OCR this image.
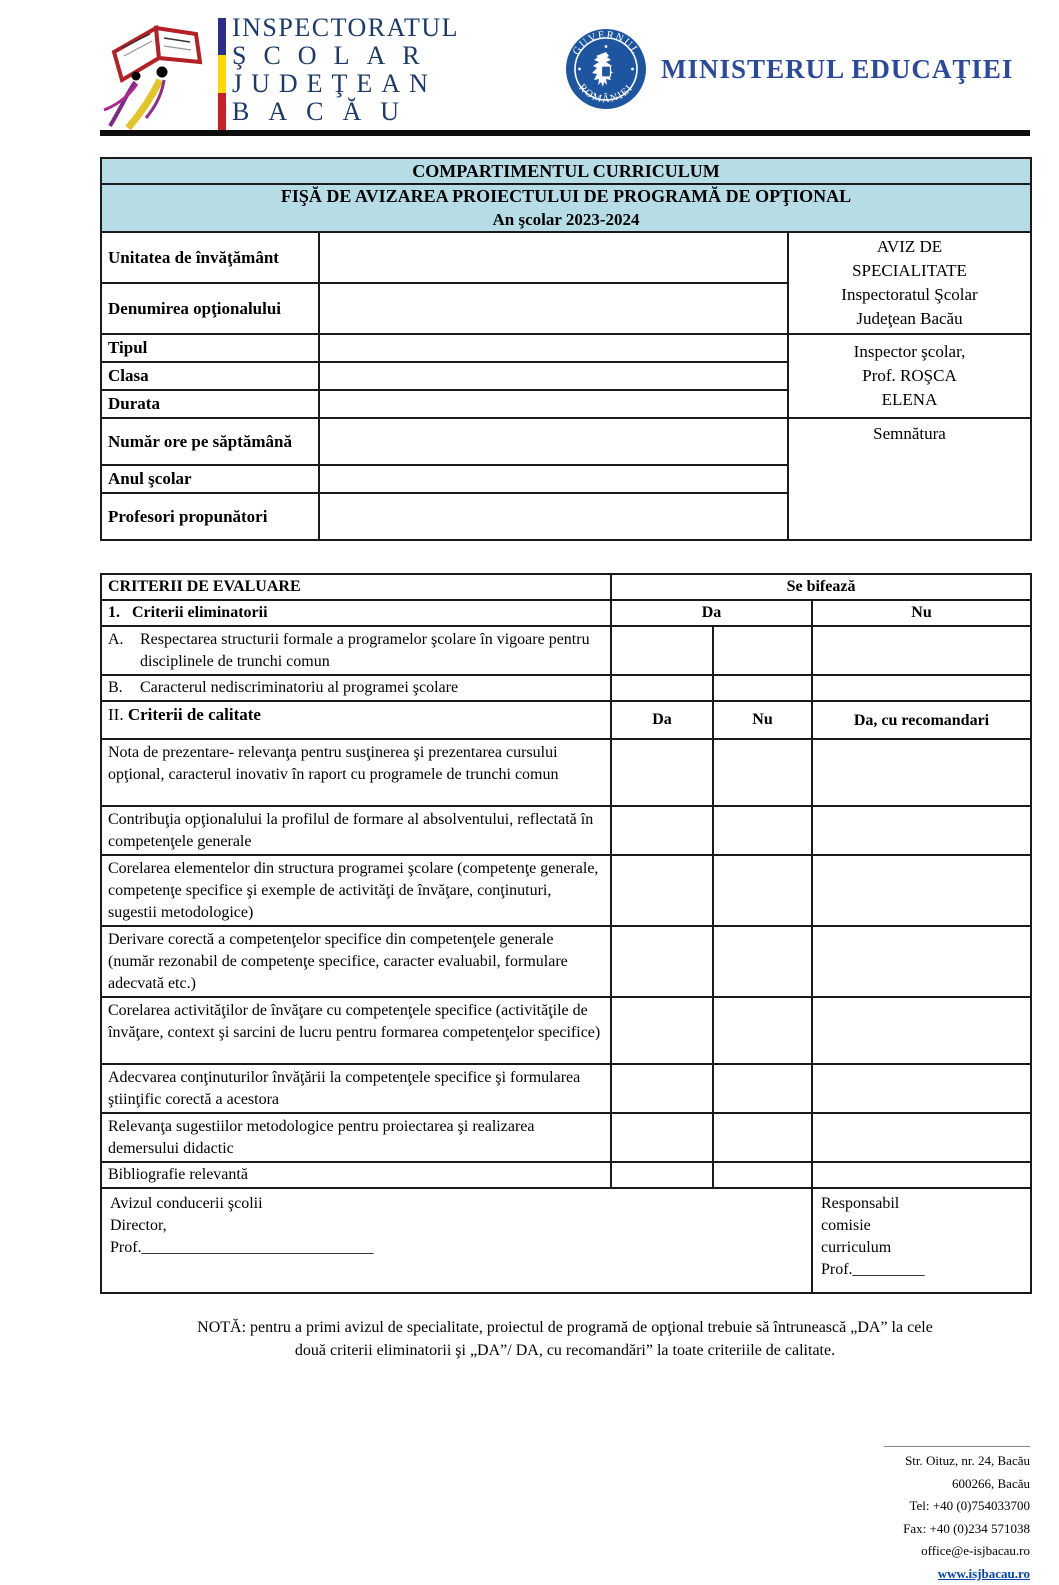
INSPECTORATUL
ŞCOLAR
JUDEŢEAN
BACĂU
GUVERNUL
ROMÂNIEI
MINISTERUL EDUCAŢIEI
COMPARTIMENTUL CURRICULUM		

FIŞĂ DE AVIZAREA PROIECTULUI DE PROGRAMĂ DE OPŢIONAL
An şcolar 2023-2024		

Unitatea de învăţământ		AVIZ DE
SPECIALITATE
Inspectoratul Şcolar
Judeţean Bacău

Denumirea opţionalului		
Tipul		Inspector şcolar,
Prof. ROŞCA
ELENA

Clasa		
Durata		
Număr ore pe săptămână		Semnătura

Anul şcolar		
Profesori propunători		
CRITERII DE EVALUARE	Se bifează		
1. Criterii eliminatorii	Da		Nu

A. Respectarea structurii formale a programelor şcolare în vigoare pentru disciplinele de trunchi comun			

B. Caracterul nediscriminatoriu al programei şcolare			

II. Criterii de calitate	Da	Nu	Da, cu recomandari
Nota de prezentare- relevanţa pentru susţinerea şi prezentarea cursului opţional, caracterul inovativ în raport cu programele de trunchi comun			
Contribuţia opţionalului la profilul de formare al absolventului, reflectată în competenţele generale			
Corelarea elementelor din structura programei şcolare (competenţe generale, competenţe specifice şi exemple de activităţi de învăţare, conţinuturi, sugestii metodologice)			
Derivare corectă a competenţelor specifice din competenţele generale (număr rezonabil de competenţe specifice, caracter evaluabil, formulare adecvată etc.)			
Corelarea activităţilor de învăţare cu competenţele specifice (activităţile de învăţare, context şi sarcini de lucru pentru formarea competenţelor specifice)			
Adecvarea conţinuturilor învăţării la competenţele specifice şi formularea ştiinţific corectă a acestora			
Relevanţa sugestiilor metodologice pentru proiectarea şi realizarea demersului didactic			
Bibliografie relevantă			

Avizul conducerii şcolii
Director,
Prof._____________________________

Responsabil
comisie
curriculum
Prof._________
NOTĂ: pentru a primi avizul de specialitate, proiectul de programă de opţional trebuie să întrunească „DA” la cele
două criterii eliminatorii şi „DA”/ DA, cu recomandări” la toate criteriile de calitate.
Str. Oituz, nr. 24, Bacău
600266, Bacău
Tel: +40 (0)754033700
Fax: +40 (0)234 571038
office@e-isjbacau.ro
www.isjbacau.ro
